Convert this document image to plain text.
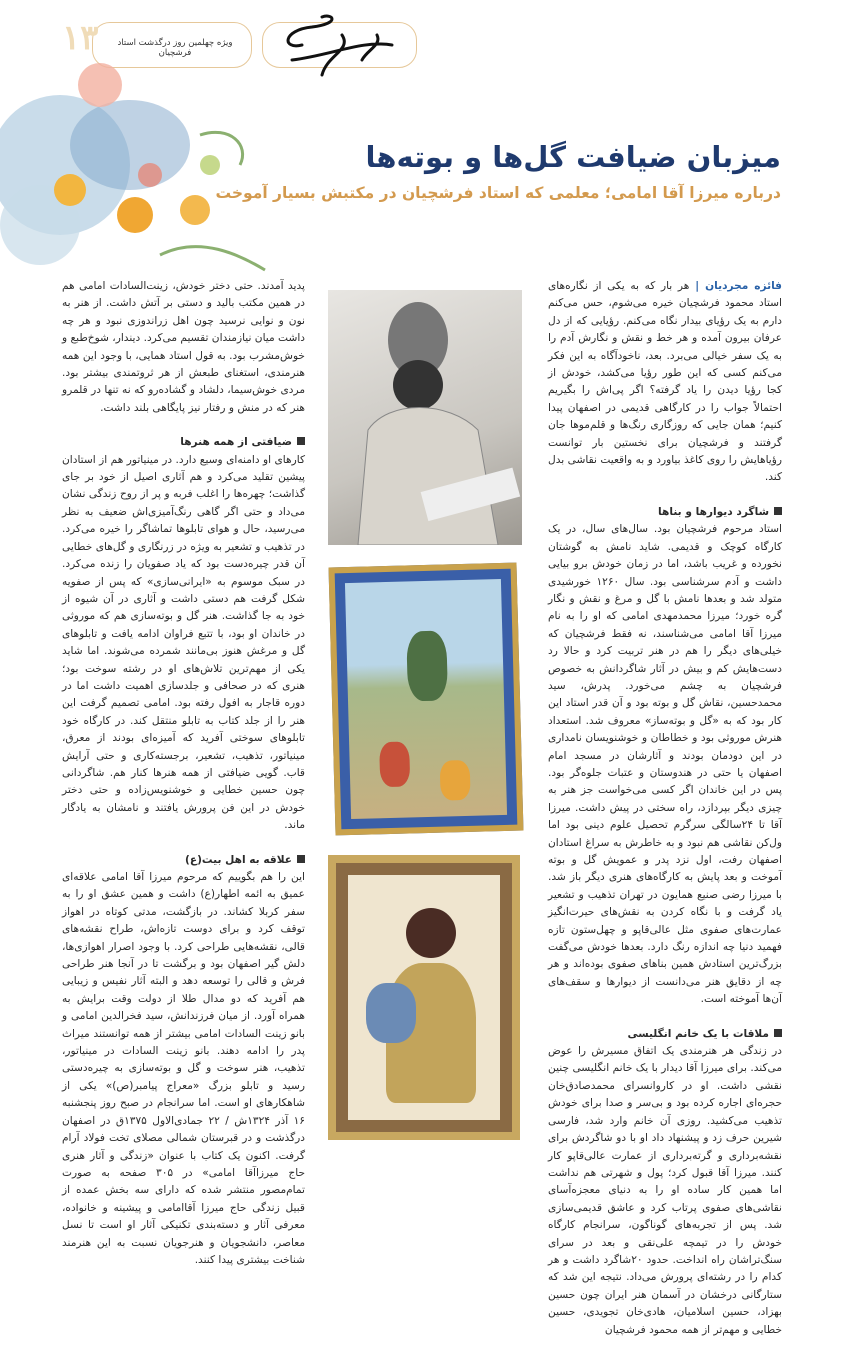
۱۳	ویژه چهلمین روز درگذشت استاد فرشچیان
میزبان ضیافت گل‌ها و بوته‌ها
درباره میرزا آقا امامی؛ معلمی که استاد فرشچیان در مکتبش بسیار آموخت

فائزه مجردیان | هر بار که به یکی از نگاره‌های استاد محمود فرشچیان خیره می‌شوم، حس می‌کنم دارم به یک رؤیای بیدار نگاه می‌کنم. رؤیایی که از دل عرفان بیرون آمده و هر خط و نقش و نگارش آدم را به یک سفر خیالی می‌برد. بعد، ناخودآگاه به این فکر می‌کنم کسی که این طور رؤیا می‌کشد، خودش از کجا رؤیا دیدن را یاد گرفته؟ اگر پی‌اش را بگیریم احتمالاً جواب را در کارگاهی قدیمی در اصفهان پیدا کنیم؛ همان جایی که روزگاری رنگ‌ها و قلم‌موها جان گرفتند و فرشچیان برای نخستین بار توانست رؤیاهایش را روی کاغذ بیاورد و به واقعیت نقاشی بدل کند.

شاگرد دیوارها و بناها

استاد مرحوم فرشچیان بود. سال‌های سال، در یک کارگاه کوچک و قدیمی. شاید نامش به گوشتان نخورده و غریب باشد، اما در زمان خودش برو بیایی داشت و آدم سرشناسی بود. سال ۱۲۶۰ خورشیدی متولد شد و بعدها نامش با گل و مرغ و نقش و نگار گره خورد؛ میرزا محمدمهدی امامی که او را به نام میرزا آقا امامی می‌شناسند، نه فقط فرشچیان که خیلی‌های دیگر را هم در هنر تربیت کرد و حالا رد دست‌هایش کم و بیش در آثار شاگردانش به خصوص فرشچیان به چشم می‌خورد. پدرش، سید محمدحسین، نقاش گل و بوته بود و آن قدر استاد این کار بود که به «گل و بوته‌ساز» معروف شد. استعداد هنرش موروثی بود و خطاطان و خوشنویسان نامداری در این دودمان بودند و آثارشان در مسجد امام اصفهان یا حتی در هندوستان و عتبات جلوه‌گر بود. پس در این خاندان اگر کسی می‌خواست جز هنر به چیزی دیگر بپردازد، راه سختی در پیش داشت. میرزا آقا تا ۲۴سالگی سرگرم تحصیل علوم دینی بود اما ول‌کن نقاشی هم نبود و به خاطرش به سراغ استادان اصفهان رفت، اول نزد پدر و عمویش گل و بوته آموخت و بعد پایش به کارگاه‌های هنری دیگر باز شد. با میرزا رضی صنیع همایون در تهران تذهیب و تشعیر یاد گرفت و با نگاه کردن به نقش‌های حیرت‌انگیز عمارت‌های صفوی مثل عالی‌قاپو و چهل‌ستون تازه فهمید دنیا چه اندازه رنگ دارد. بعدها خودش می‌گفت بزرگ‌ترین استادش همین بناهای صفوی بوده‌اند و هر چه از دقایق هنر می‌دانست از دیوارها و سقف‌های آن‌ها آموخته است.

ملاقات با یک خانم انگلیسی

در زندگی هر هنرمندی یک اتفاق مسیرش را عوض می‌کند. برای میرزا آقا دیدار با یک خانم انگلیسی چنین نقشی داشت. او در کاروانسرای محمدصادق‌خان حجره‌ای اجاره کرده بود و بی‌سر و صدا برای خودش تذهیب می‌کشید. روزی آن خانم وارد شد، فارسی شیرین حرف زد و پیشنهاد داد او با دو شاگردش برای نقشه‌برداری و گرته‌برداری از عمارت عالی‌قاپو کار کنند. میرزا آقا قبول کرد؛ پول و شهرتی هم نداشت اما همین کار ساده او را به دنیای معجزه‌آسای نقاشی‌های صفوی پرتاب کرد و عاشق قدیمی‌سازی شد. پس از تجربه‌های گوناگون، سرانجام کارگاه خودش را در تیمچه علی‌نقی و بعد در سرای سنگ‌تراشان راه انداخت. حدود ۲۰شاگرد داشت و هر کدام را در رشته‌ای پرورش می‌داد. نتیجه این شد که ستارگانی درخشان در آسمان هنر ایران چون حسین بهزاد، حسین اسلامیان، هادی‌خان تجویدی، حسین خطایی و مهم‌تر از همه محمود فرشچیان

پدید آمدند. حتی دختر خودش، زینت‌السادات امامی هم در همین مکتب بالید و دستی بر آتش داشت. از هنر به نون و نوایی نرسید چون اهل زراندوزی نبود و هر چه داشت میان نیازمندان تقسیم می‌کرد. دیندار، شوخ‌طبع و خوش‌مشرب بود. به قول استاد همایی، با وجود این همه هنرمندی، استغنای طبعش از هر ثروتمندی بیشتر بود. مردی خوش‌سیما، دلشاد و گشاده‌رو که نه تنها در قلمرو هنر که در منش و رفتار نیز پایگاهی بلند داشت.

ضیافتی از همه هنرها

کارهای او دامنه‌ای وسیع دارد. در مینیاتور هم از استادان پیشین تقلید می‌کرد و هم آثاری اصیل از خود بر جای گذاشت؛ چهره‌ها را اغلب فربه و پر از روح زندگی نشان می‌داد و حتی اگر گاهی رنگ‌آمیزی‌اش ضعیف به نظر می‌رسید، حال و هوای تابلوها تماشاگر را خیره می‌کرد. در تذهیب و تشعیر به ویژه در زرنگاری و گل‌های خطایی آن قدر چیره‌دست بود که یاد صفویان را زنده می‌کرد. در سبک موسوم به «ایرانی‌سازی» که پس از صفویه شکل گرفت هم دستی داشت و آثاری در آن شیوه از خود به جا گذاشت. هنر گل و بوته‌سازی هم که موروثی در خاندان او بود، با تتبع فراوان ادامه یافت و تابلوهای گل و مرغش هنوز بی‌مانند شمرده می‌شوند. اما شاید یکی از مهم‌ترین تلاش‌های او در رشته سوخت بود؛ هنری که در صحافی و جلدسازی اهمیت داشت اما در دوره قاجار به افول رفته بود. امامی تصمیم گرفت این هنر را از جلد کتاب به تابلو منتقل کند. در کارگاه خود تابلوهای سوختی آفرید که آمیزه‌ای بودند از معرق، مینیاتور، تذهیب، تشعیر، برجسته‌کاری و حتی آرایش قاب. گویی ضیافتی از همه هنرها کنار هم. شاگردانی چون حسین خطایی و خوشنویس‌زاده و حتی دختر خودش در این فن پرورش یافتند و نامشان به یادگار ماند.

علاقه به اهل بیت(ع)

این را هم بگوییم که مرحوم میرزا آقا امامی علاقه‌ای عمیق به ائمه اطهار(ع) داشت و همین عشق او را به سفر کربلا کشاند. در بازگشت، مدتی کوتاه در اهواز توقف کرد و برای دوست تازه‌اش، طراح نقشه‌های قالی، نقشه‌هایی طراحی کرد. با وجود اصرار اهوازی‌ها، دلش گیر اصفهان بود و برگشت تا در آنجا هنر طراحی فرش و قالی را توسعه دهد و البته آثار نفیس و زیبایی هم آفرید که دو مدال طلا از دولت وقت برایش به همراه آورد. از میان فرزندانش، سید فخرالدین امامی و بانو زینت السادات امامی بیشتر از همه توانستند میراث پدر را ادامه دهند. بانو زینت السادات در مینیاتور، تذهیب، هنر سوخت و گل و بوته‌سازی به چیره‌دستی رسید و تابلو بزرگ «معراج پیامبر(ص)» یکی از شاهکارهای او است. اما سرانجام در صبح روز پنجشنبه ۱۶ آذر ۱۳۲۴ش / ۲۲ جمادی‌الاول ۱۳۷۵ق در اصفهان درگذشت و در قبرستان شمالی مصلای تخت فولاد آرام گرفت. اکنون یک کتاب با عنوان «زندگی و آثار هنری حاج میرزاآقا امامی» در ۳۰۵ صفحه به صورت تمام‌مصور منتشر شده که دارای سه بخش عمده از قبیل زندگی حاج میرزا آقاامامی و پیشینه و خانواده، معرفی آثار و دسته‌بندی تکنیکی آثار او است تا نسل معاصر، دانشجویان و هنرجویان نسبت به این هنرمند شناخت بیشتری پیدا کنند.
